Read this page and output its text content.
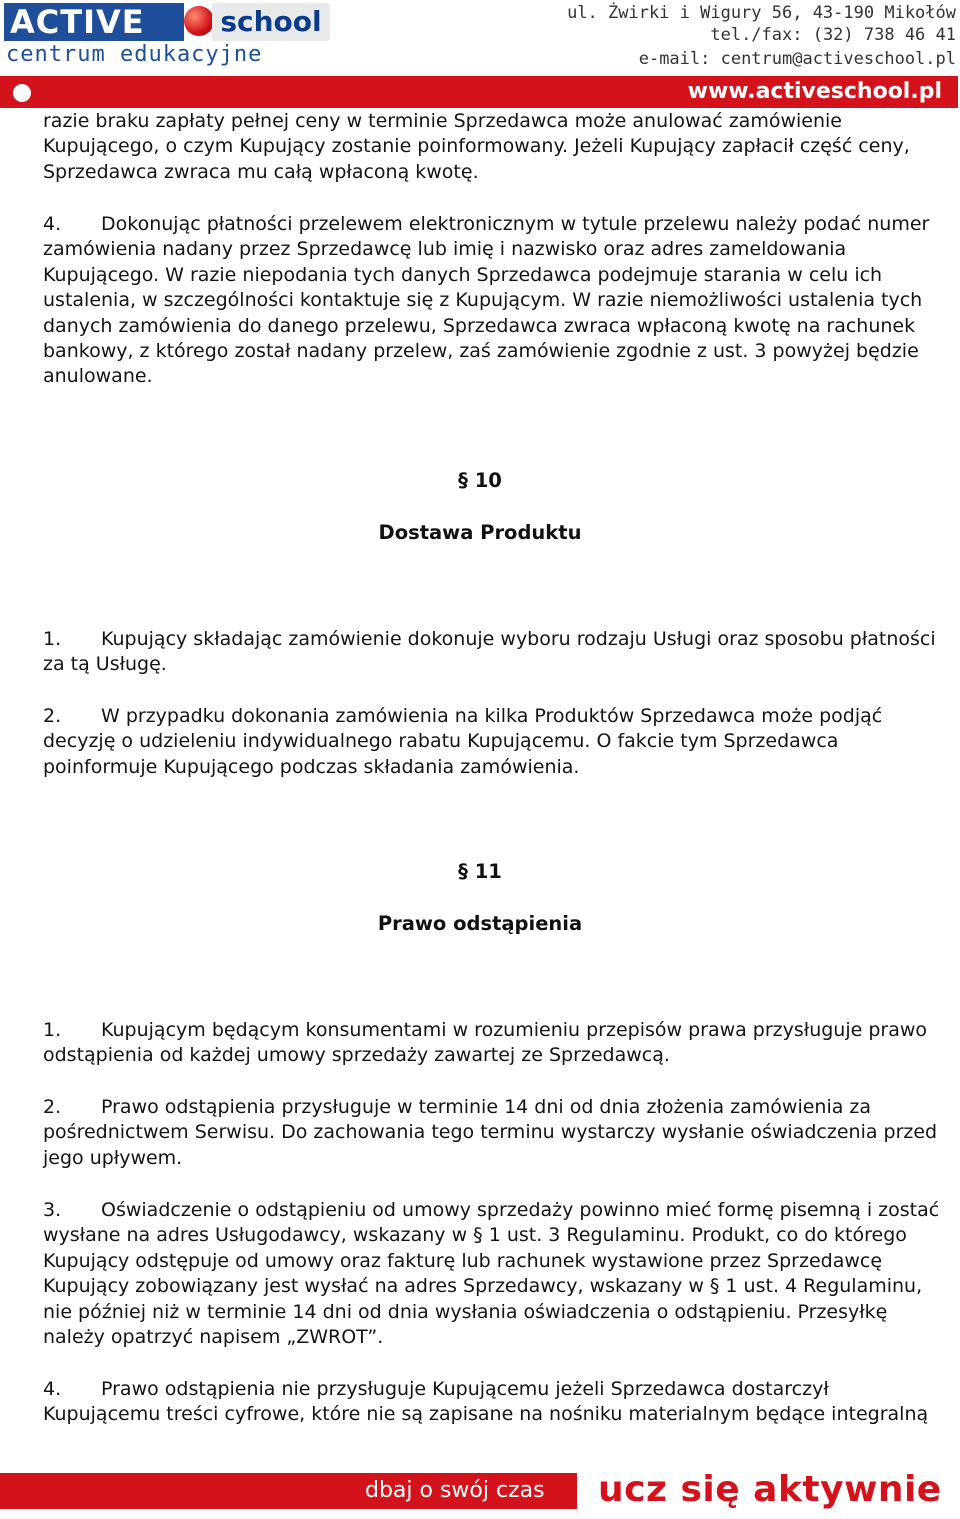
ACTIVE	school
centrum edukacyjne
ul. Żwirki i Wigury 56, 43-190 Mikołów
tel./fax: (32) 738 46 41
e-mail: centrum@activeschool.pl
www.activeschool.pl
razie braku zapłaty pełnej ceny w terminie Sprzedawca może anulować zamówienie
Kupującego, o czym Kupujący zostanie poinformowany. Jeżeli Kupujący zapłacił część ceny,
Sprzedawca zwraca mu całą wpłaconą kwotę.
4. Dokonując płatności przelewem elektronicznym w tytule przelewu należy podać numer
zamówienia nadany przez Sprzedawcę lub imię i nazwisko oraz adres zameldowania
Kupującego. W razie niepodania tych danych Sprzedawca podejmuje starania w celu ich
ustalenia, w szczególności kontaktuje się z Kupującym. W razie niemożliwości ustalenia tych
danych zamówienia do danego przelewu, Sprzedawca zwraca wpłaconą kwotę na rachunek
bankowy, z którego został nadany przelew, zaś zamówienie zgodnie z ust. 3 powyżej będzie
anulowane.
§ 10
Dostawa Produktu
1. Kupujący składając zamówienie dokonuje wyboru rodzaju Usługi oraz sposobu płatności
za tą Usługę.
2. W przypadku dokonania zamówienia na kilka Produktów Sprzedawca może podjąć
decyzję o udzieleniu indywidualnego rabatu Kupującemu. O fakcie tym Sprzedawca
poinformuje Kupującego podczas składania zamówienia.
§ 11
Prawo odstąpienia
1. Kupującym będącym konsumentami w rozumieniu przepisów prawa przysługuje prawo
odstąpienia od każdej umowy sprzedaży zawartej ze Sprzedawcą.
2. Prawo odstąpienia przysługuje w terminie 14 dni od dnia złożenia zamówienia za
pośrednictwem Serwisu. Do zachowania tego terminu wystarczy wysłanie oświadczenia przed
jego upływem.
3. Oświadczenie o odstąpieniu od umowy sprzedaży powinno mieć formę pisemną i zostać
wysłane na adres Usługodawcy, wskazany w § 1 ust. 3 Regulaminu. Produkt, co do którego
Kupujący odstępuje od umowy oraz fakturę lub rachunek wystawione przez Sprzedawcę
Kupujący zobowiązany jest wysłać na adres Sprzedawcy, wskazany w § 1 ust. 4 Regulaminu,
nie później niż w terminie 14 dni od dnia wysłania oświadczenia o odstąpieniu. Przesyłkę
należy opatrzyć napisem „ZWROT”.
4. Prawo odstąpienia nie przysługuje Kupującemu jeżeli Sprzedawca dostarczył
Kupującemu treści cyfrowe, które nie są zapisane na nośniku materialnym będące integralną
dbaj o swój czas ucz się aktywnie
